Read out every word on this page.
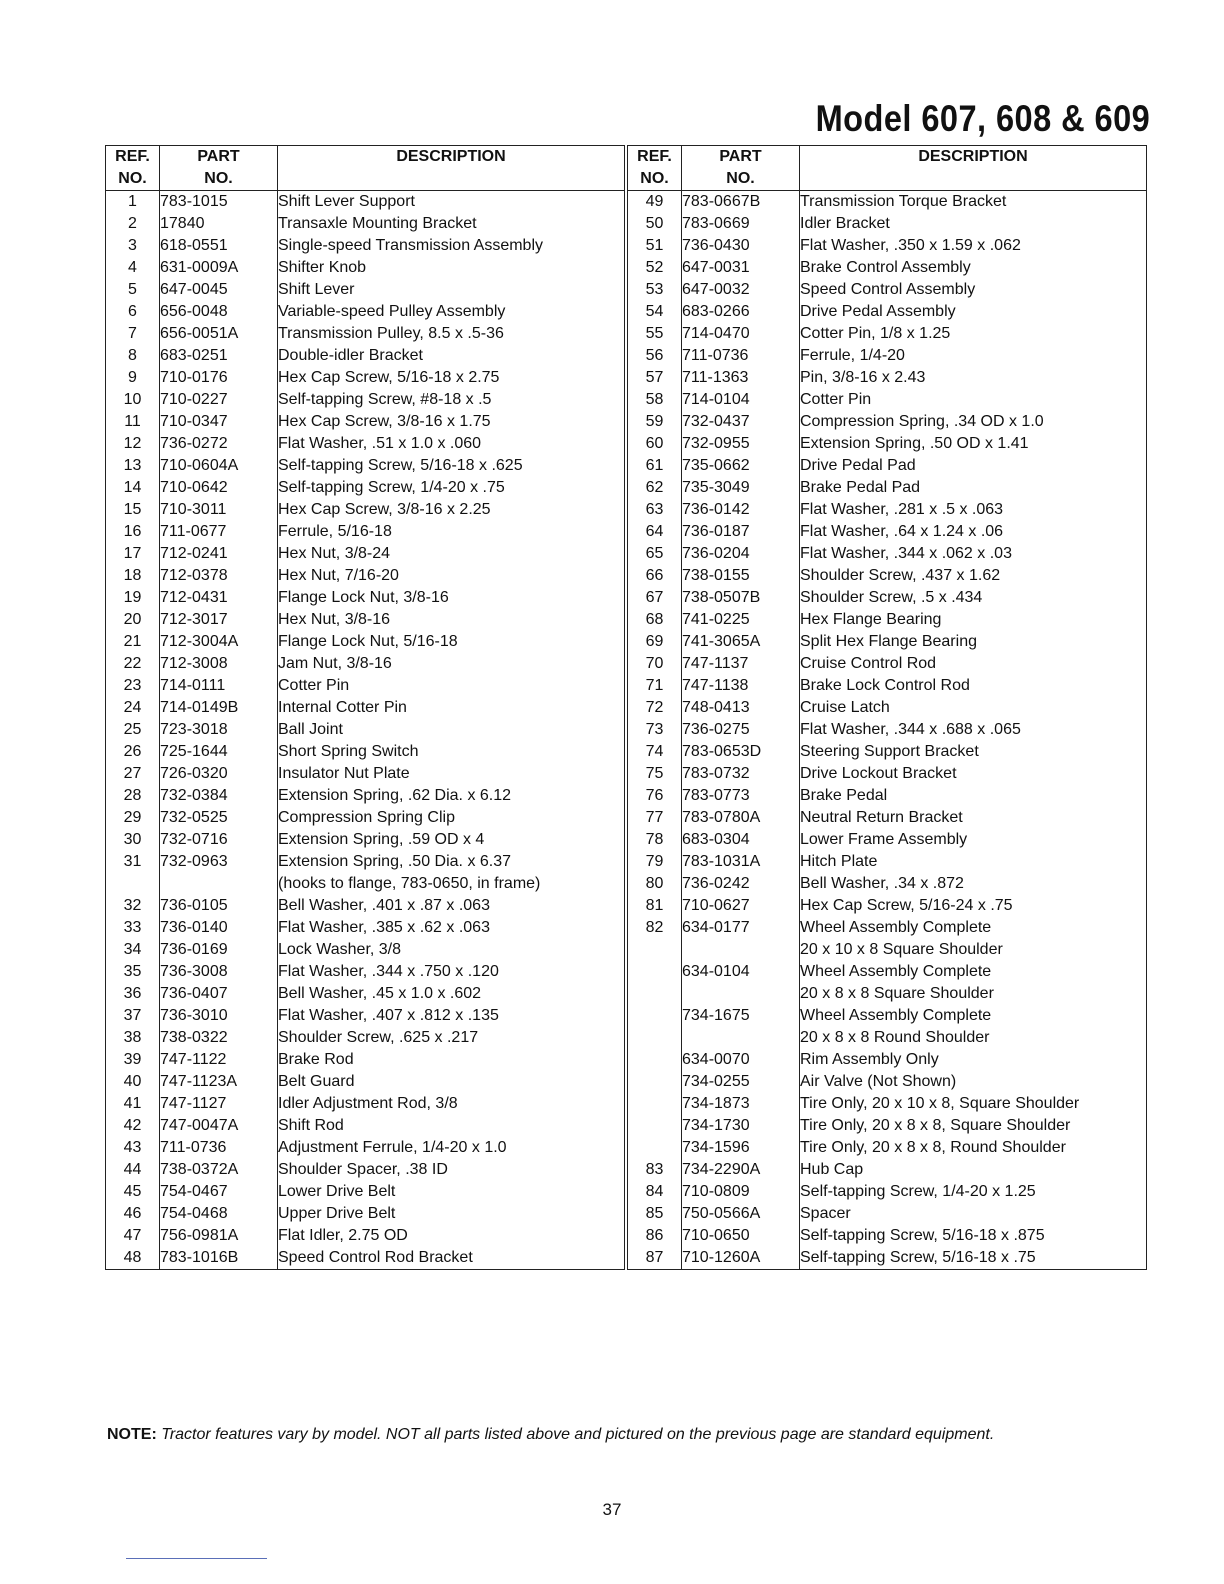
Model 607, 608 & 609
REF.	PART	DESCRIPTION
NO.	NO.	
1	783-1015	Shift Lever Support
2	17840	Transaxle Mounting Bracket
3	618-0551	Single-speed Transmission Assembly
4	631-0009A	Shifter Knob
5	647-0045	Shift Lever
6	656-0048	Variable-speed Pulley Assembly
7	656-0051A	Transmission Pulley, 8.5 x .5-36
8	683-0251	Double-idler Bracket
9	710-0176	Hex Cap Screw, 5/16-18 x 2.75
10	710-0227	Self-tapping Screw, #8-18 x .5
11	710-0347	Hex Cap Screw, 3/8-16 x 1.75
12	736-0272	Flat Washer, .51 x 1.0 x .060
13	710-0604A	Self-tapping Screw, 5/16-18 x .625
14	710-0642	Self-tapping Screw, 1/4-20 x .75
15	710-3011	Hex Cap Screw, 3/8-16 x 2.25
16	711-0677	Ferrule, 5/16-18
17	712-0241	Hex Nut, 3/8-24
18	712-0378	Hex Nut, 7/16-20
19	712-0431	Flange Lock Nut, 3/8-16
20	712-3017	Hex Nut, 3/8-16
21	712-3004A	Flange Lock Nut, 5/16-18
22	712-3008	Jam Nut, 3/8-16
23	714-0111	Cotter Pin
24	714-0149B	Internal Cotter Pin
25	723-3018	Ball Joint
26	725-1644	Short Spring Switch
27	726-0320	Insulator Nut Plate
28	732-0384	Extension Spring, .62 Dia. x 6.12
29	732-0525	Compression Spring Clip
30	732-0716	Extension Spring, .59 OD x 4
31	732-0963	Extension Spring, .50 Dia. x 6.37
		(hooks to flange, 783-0650, in frame)
32	736-0105	Bell Washer, .401 x .87 x .063
33	736-0140	Flat Washer, .385 x .62 x .063
34	736-0169	Lock Washer, 3/8
35	736-3008	Flat Washer, .344 x .750 x .120
36	736-0407	Bell Washer, .45 x 1.0 x .602
37	736-3010	Flat Washer, .407 x .812 x .135
38	738-0322	Shoulder Screw, .625 x .217
39	747-1122	Brake Rod
40	747-1123A	Belt Guard
41	747-1127	Idler Adjustment Rod, 3/8
42	747-0047A	Shift Rod
43	711-0736	Adjustment Ferrule, 1/4-20 x 1.0
44	738-0372A	Shoulder Spacer, .38 ID
45	754-0467	Lower Drive Belt
46	754-0468	Upper Drive Belt
47	756-0981A	Flat Idler, 2.75 OD
48	783-1016B	Speed Control Rod Bracket
REF.	PART	DESCRIPTION
NO.	NO.	
49	783-0667B	Transmission Torque Bracket
50	783-0669	Idler Bracket
51	736-0430	Flat Washer, .350 x 1.59 x .062
52	647-0031	Brake Control Assembly
53	647-0032	Speed Control Assembly
54	683-0266	Drive Pedal Assembly
55	714-0470	Cotter Pin, 1/8 x 1.25
56	711-0736	Ferrule, 1/4-20
57	711-1363	Pin, 3/8-16 x 2.43
58	714-0104	Cotter Pin
59	732-0437	Compression Spring, .34 OD x 1.0
60	732-0955	Extension Spring, .50 OD x 1.41
61	735-0662	Drive Pedal Pad
62	735-3049	Brake Pedal Pad
63	736-0142	Flat Washer, .281 x .5 x .063
64	736-0187	Flat Washer, .64 x 1.24 x .06
65	736-0204	Flat Washer, .344 x .062 x .03
66	738-0155	Shoulder Screw, .437 x 1.62
67	738-0507B	Shoulder Screw, .5 x .434
68	741-0225	Hex Flange Bearing
69	741-3065A	Split Hex Flange Bearing
70	747-1137	Cruise Control Rod
71	747-1138	Brake Lock Control Rod
72	748-0413	Cruise Latch
73	736-0275	Flat Washer, .344 x .688 x .065
74	783-0653D	Steering Support Bracket
75	783-0732	Drive Lockout Bracket
76	783-0773	Brake Pedal
77	783-0780A	Neutral Return Bracket
78	683-0304	Lower Frame Assembly
79	783-1031A	Hitch Plate
80	736-0242	Bell Washer, .34 x .872
81	710-0627	Hex Cap Screw, 5/16-24 x .75
82	634-0177	Wheel Assembly Complete
		20 x 10 x 8 Square Shoulder
	634-0104	Wheel Assembly Complete
		20 x 8 x 8 Square Shoulder
	734-1675	Wheel Assembly Complete
		20 x 8 x 8 Round Shoulder
	634-0070	Rim Assembly Only
	734-0255	Air Valve (Not Shown)
	734-1873	Tire Only, 20 x 10 x 8, Square Shoulder
	734-1730	Tire Only, 20 x 8 x 8, Square Shoulder
	734-1596	Tire Only, 20 x 8 x 8, Round Shoulder
83	734-2290A	Hub Cap
84	710-0809	Self-tapping Screw, 1/4-20 x 1.25
85	750-0566A	Spacer
86	710-0650	Self-tapping Screw, 5/16-18 x .875
87	710-1260A	Self-tapping Screw, 5/16-18 x .75
NOTE: Tractor features vary by model. NOT all parts listed above and pictured on the previous page are standard equipment.
37
